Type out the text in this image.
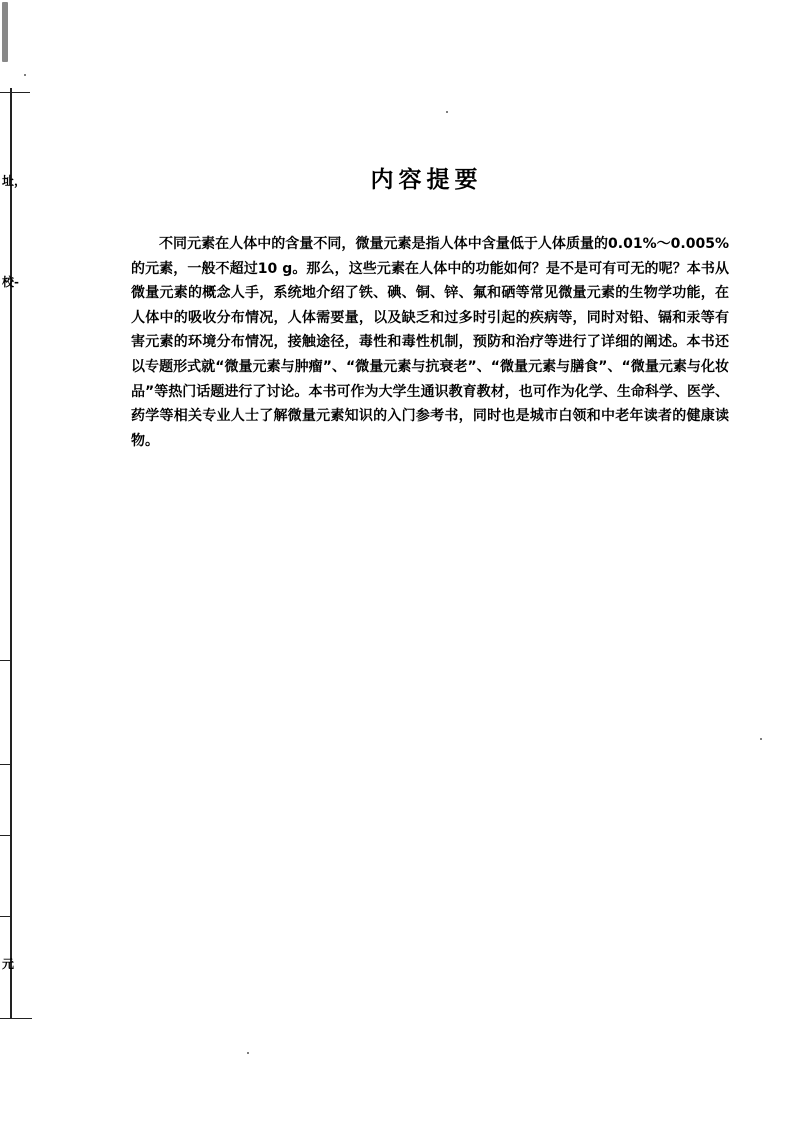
址，
校-
元
内容提要

不同元素在人体中的含量不同，微量元素是指人体中含量低于人体质量的0.01%～0.005%的元素，一般不超过10 g。那么，这些元素在人体中的功能如何？是不是可有可无的呢？本书从微量元素的概念人手，系统地介绍了铁、碘、铜、锌、氟和硒等常见微量元素的生物学功能，在人体中的吸收分布情况，人体需要量，以及缺乏和过多时引起的疾病等，同时对铅、镉和汞等有害元素的环境分布情况，接触途径，毒性和毒性机制，预防和治疗等进行了详细的阐述。本书还以专题形式就“微量元素与肿瘤”、“微量元素与抗衰老”、“微量元素与膳食”、“微量元素与化妆品”等热门话题进行了讨论。本书可作为大学生通识教育教材，也可作为化学、生命科学、医学、药学等相关专业人士了解微量元素知识的入门参考书，同时也是城市白领和中老年读者的健康读物。
